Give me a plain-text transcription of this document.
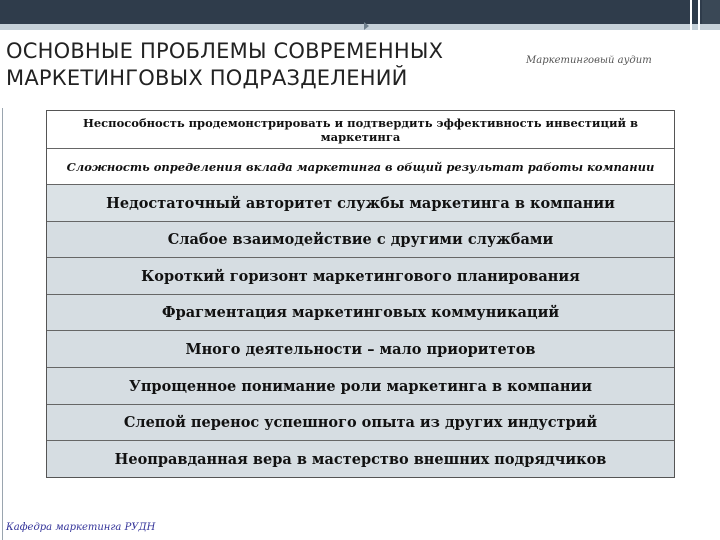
ОСНОВНЫЕ ПРОБЛЕМЫ СОВРЕМЕННЫХ
МАРКЕТИНГОВЫХ ПОДРАЗДЕЛЕНИЙ
Маркетинговый аудит
Неспособность продемонстрировать и подтвердить эффективность инвестиций в маркетинга
Сложность определения вклада маркетинга в общий результат работы компании
Недостаточный авторитет службы маркетинга в компании
Слабое взаимодействие с другими службами
Короткий горизонт маркетингового планирования
Фрагментация маркетинговых коммуникаций
Много деятельности – мало приоритетов
Упрощенное понимание роли маркетинга в компании
Слепой перенос успешного опыта из других индустрий
Неоправданная вера в мастерство внешних подрядчиков
Кафедра маркетинга РУДН
